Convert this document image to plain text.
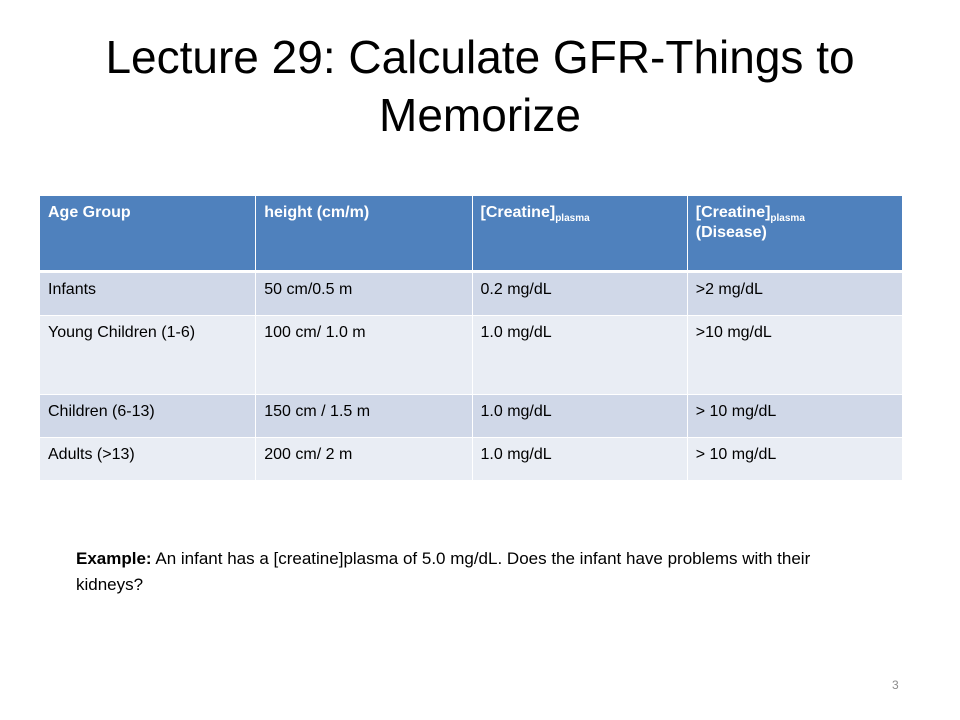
Lecture 29: Calculate GFR-Things to Memorize
Age Group	height (cm/m)	$[Creatine]_{plasma}$	$[Creatine]_{plasma}$
(Disease)
Infants	50 cm/0.5 m	0.2 mg/dL	>2 mg/dL
Young Children (1-6)	100 cm/ 1.0 m	1.0 mg/dL	>10 mg/dL
Children (6-13)	150 cm / 1.5 m	1.0 mg/dL	> 10 mg/dL
Adults (>13)	200 cm/ 2 m	1.0 mg/dL	> 10 mg/dL
Example: An infant has a [creatine]plasma of 5.0 mg/dL. Does the infant have problems with their kidneys?
3
